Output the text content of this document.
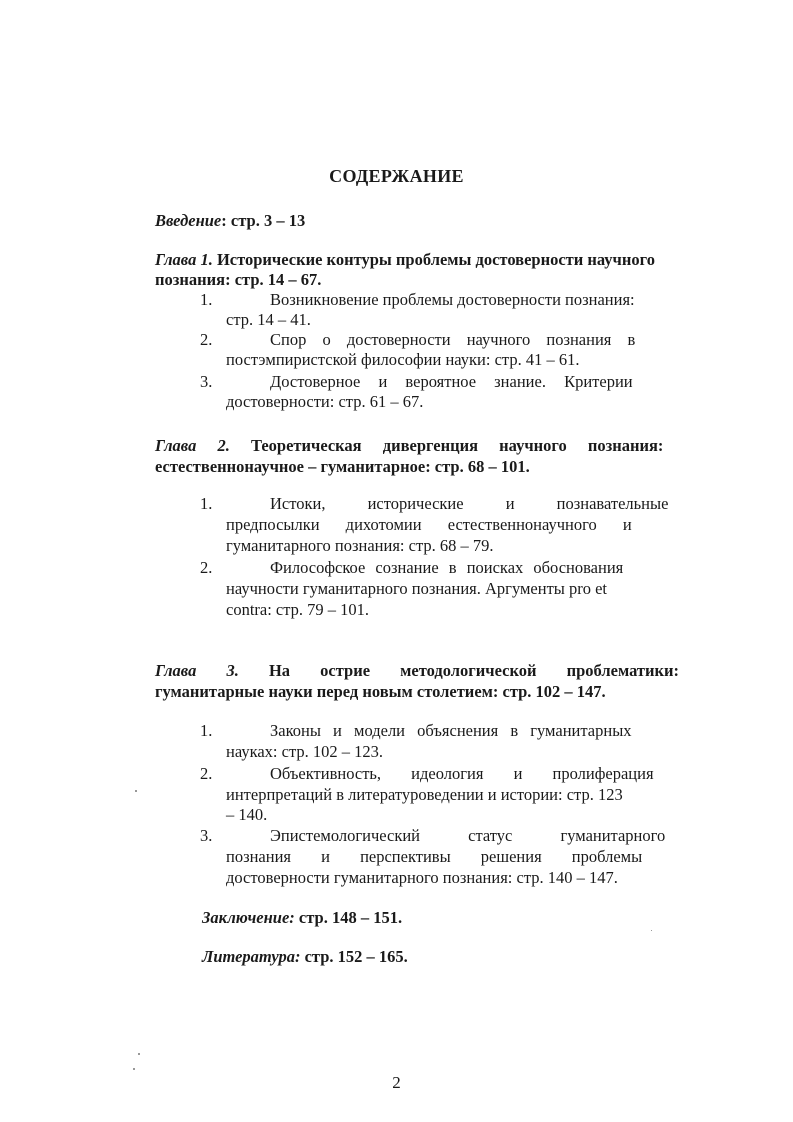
СОДЕРЖАНИЕ
Введение: стр. 3 – 13
Глава 1. Исторические контуры проблемы достоверности научного
познания: стр. 14 – 67.
1.	Возникновение проблемы достоверности познания:
стр. 14 – 41.
2.	Спор о достоверности научного познания в
постэмпиристской философии науки: стр. 41 – 61.
3.	Достоверное и вероятное знание. Критерии
достоверности: стр. 61 – 67.
Глава 2. Теоретическая дивергенция научного познания:
естественнонаучное – гуманитарное: стр. 68 – 101.
1.	Истоки, исторические и познавательные
предпосылки дихотомии естественнонаучного и
гуманитарного познания: стр. 68 – 79.
2.	Философское сознание в поисках обоснования
научности гуманитарного познания. Аргументы pro et
contra: стр. 79 – 101.
Глава 3. На острие методологической проблематики:
гуманитарные науки перед новым столетием: стр. 102 – 147.
1.	Законы и модели объяснения в гуманитарных
науках: стр. 102 – 123.
2.	Объективность, идеология и пролиферация
интерпретаций в литературоведении и истории: стр. 123
– 140.
3.	Эпистемологический статус гуманитарного
познания и перспективы решения проблемы
достоверности гуманитарного познания: стр. 140 – 147.
Заключение: стр. 148 – 151.
Литература: стр. 152 – 165.
2
